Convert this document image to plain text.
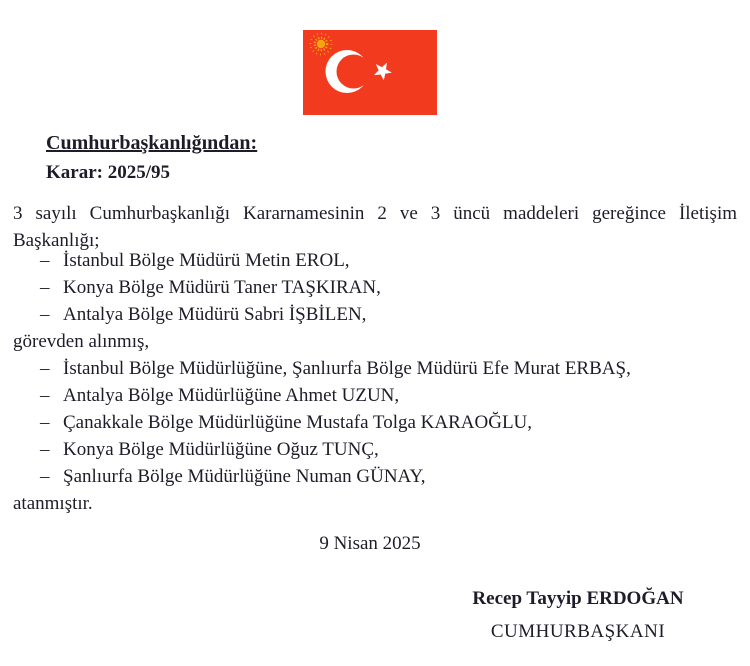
Cumhurbaşkanlığından:
Karar: 2025/95
3 sayılı Cumhurbaşkanlığı Kararnamesinin 2 ve 3 üncü maddeleri gereğince İletişim
Başkanlığı;
– İstanbul Bölge Müdürü Metin EROL,
– Konya Bölge Müdürü Taner TAŞKIRAN,
– Antalya Bölge Müdürü Sabri İŞBİLEN,
görevden alınmış,
– İstanbul Bölge Müdürlüğüne, Şanlıurfa Bölge Müdürü Efe Murat ERBAŞ,
– Antalya Bölge Müdürlüğüne Ahmet UZUN,
– Çanakkale Bölge Müdürlüğüne Mustafa Tolga KARAOĞLU,
– Konya Bölge Müdürlüğüne Oğuz TUNÇ,
– Şanlıurfa Bölge Müdürlüğüne Numan GÜNAY,
atanmıştır.
9 Nisan 2025
Recep Tayyip ERDOĞAN
CUMHURBAŞKANI
